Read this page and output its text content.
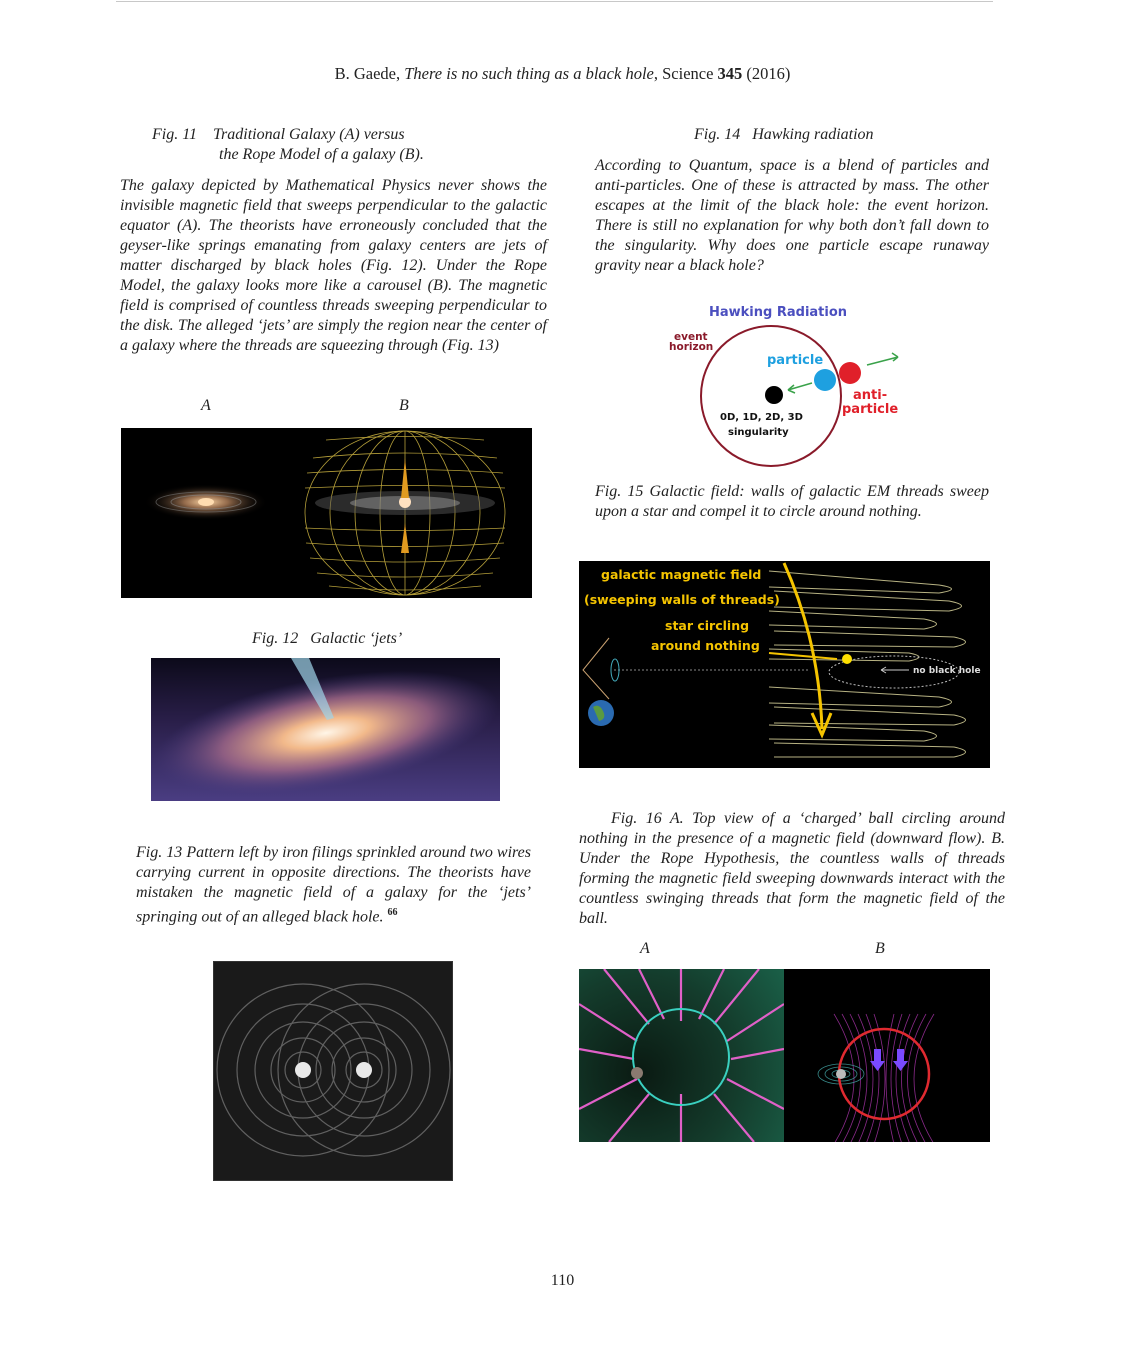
B. Gaede, There is no such thing as a black hole, Science 345 (2016)
Fig. 11    Traditional Galaxy (A) versus
the Rope Model of a galaxy (B).
The galaxy depicted by Mathematical Physics never shows the invisible magnetic field that sweeps perpendicular to the galactic equator (A). The theorists have erroneously concluded that the geyser-like springs emanating from galaxy centers are jets of matter discharged by black holes (Fig. 12). Under the Rope Model, the galaxy looks more like a carousel (B). The magnetic field is comprised of countless threads sweeping perpendicular to the disk. The alleged ‘jets’ are simply the region near the center of a galaxy where the threads are squeezing through (Fig. 13)
A	B
Fig. 12   Galactic ‘jets’
Fig. 13 Pattern left by iron filings sprinkled around two wires carrying current in opposite directions. The theorists have mistaken the magnetic field of a galaxy for the ‘jets’ springing out of an alleged black hole. $^{66}$
Fig. 14   Hawking radiation
According to Quantum, space is a blend of particles and anti-particles. One of these is attracted by mass. The other escapes at the limit of the black hole: the event horizon. There is still no explanation for why both don’t fall down to the singularity. Why does one particle escape runaway gravity near a black hole?
Hawking Radiation
event
horizon
particle
anti-
particle
0D, 1D, 2D, 3D
singularity
Fig. 15 Galactic field: walls of galactic EM threads sweep upon a star and compel it to circle around nothing.
galactic magnetic field
(sweeping walls of threads)
star circling
around nothing
no black hole
Fig. 16 A. Top view of a ‘charged’ ball circling around nothing in the presence of a magnetic field (downward flow). B. Under the Rope Hypothesis, the countless walls of threads forming the magnetic field sweeping downwards interact with the countless swinging threads that form the magnetic field of the ball.
A	B
110
